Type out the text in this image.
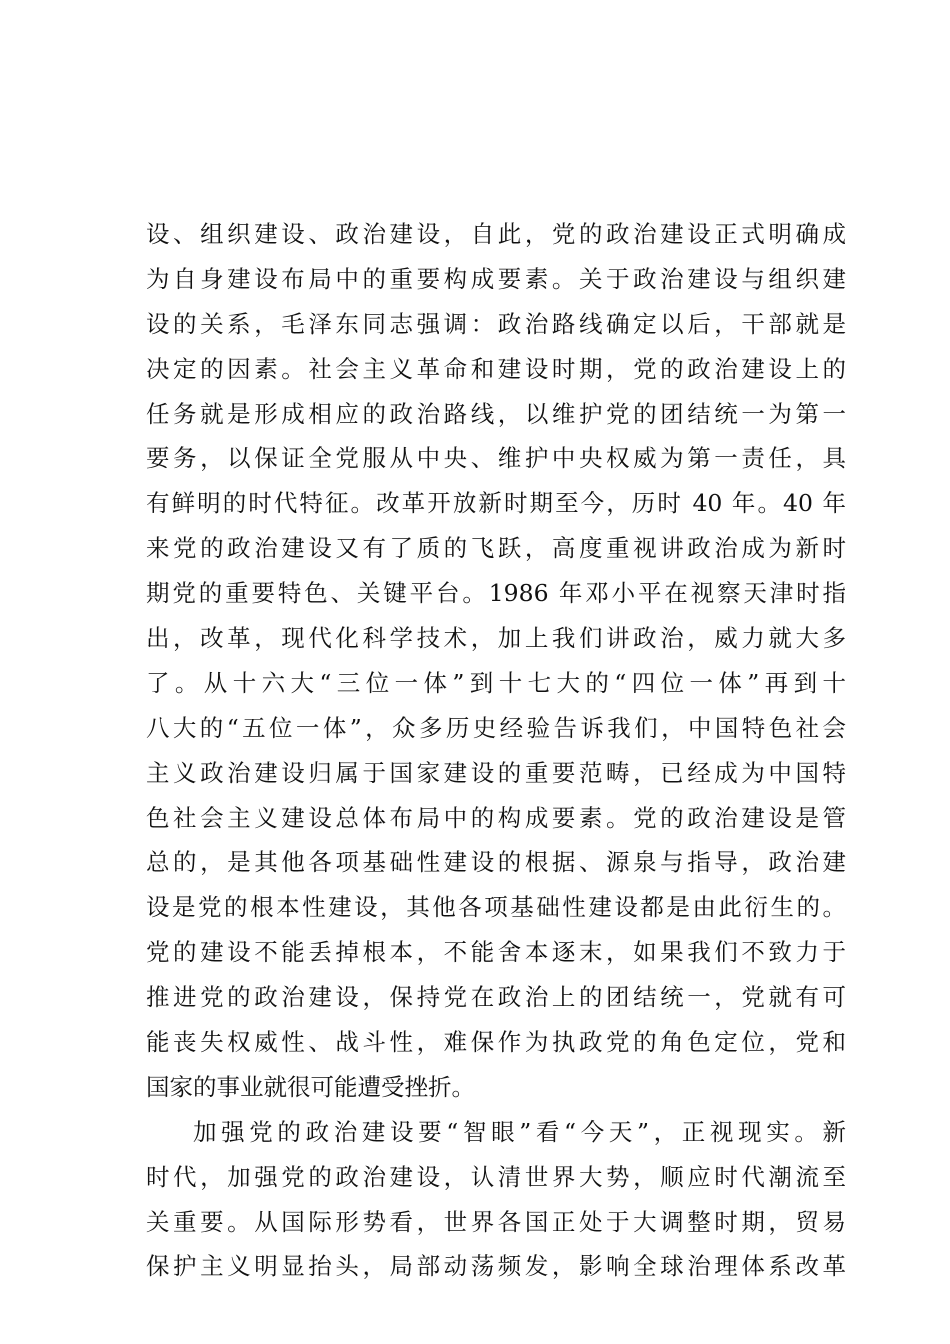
设、组织建设、政治建设，自此，党的政治建设正式明确成
为自身建设布局中的重要构成要素。关于政治建设与组织建
设的关系，毛泽东同志强调：政治路线确定以后，干部就是
决定的因素。社会主义革命和建设时期，党的政治建设上的
任务就是形成相应的政治路线，以维护党的团结统一为第一
要务，以保证全党服从中央、维护中央权威为第一责任，具
有鲜明的时代特征。改革开放新时期至今，历时 40 年。40 年
来党的政治建设又有了质的飞跃，高度重视讲政治成为新时
期党的重要特色、关键平台。1986 年邓小平在视察天津时指
出，改革，现代化科学技术，加上我们讲政治，威力就大多
了。从十六大“三位一体”到十七大的“四位一体”再到十
八大的“五位一体”，众多历史经验告诉我们，中国特色社会
主义政治建设归属于国家建设的重要范畴，已经成为中国特
色社会主义建设总体布局中的构成要素。党的政治建设是管
总的，是其他各项基础性建设的根据、源泉与指导，政治建
设是党的根本性建设，其他各项基础性建设都是由此衍生的。
党的建设不能丢掉根本，不能舍本逐末，如果我们不致力于
推进党的政治建设，保持党在政治上的团结统一，党就有可
能丧失权威性、战斗性，难保作为执政党的角色定位，党和
国家的事业就很可能遭受挫折。
加强党的政治建设要“智眼”看“今天”，正视现实。新
时代，加强党的政治建设，认清世界大势，顺应时代潮流至
关重要。从国际形势看，世界各国正处于大调整时期，贸易
保护主义明显抬头，局部动荡频发，影响全球治理体系改革
